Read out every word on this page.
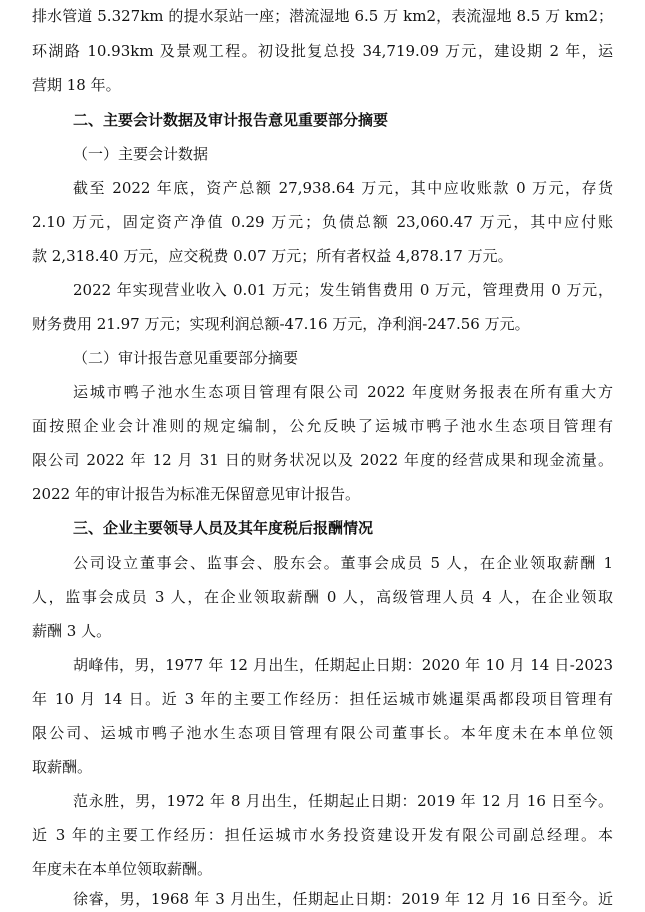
排水管道 5.327km 的提水泵站一座；潜流湿地 6.5 万 km2，表流湿地 8.5 万 km2；
环湖路 10.93km 及景观工程。初设批复总投 34,719.09 万元，建设期 2 年，运
营期 18 年。
二、主要会计数据及审计报告意见重要部分摘要
（一）主要会计数据
截至 2022 年底，资产总额 27,938.64 万元，其中应收账款 0 万元，存货
2.10 万元，固定资产净值 0.29 万元；负债总额 23,060.47 万元，其中应付账
款 2,318.40 万元，应交税费 0.07 万元；所有者权益 4,878.17 万元。
2022 年实现营业收入 0.01 万元；发生销售费用 0 万元，管理费用 0 万元，
财务费用 21.97 万元；实现利润总额-47.16 万元，净利润-247.56 万元。
（二）审计报告意见重要部分摘要
运城市鸭子池水生态项目管理有限公司 2022 年度财务报表在所有重大方
面按照企业会计准则的规定编制，公允反映了运城市鸭子池水生态项目管理有
限公司 2022 年 12 月 31 日的财务状况以及 2022 年度的经营成果和现金流量。
2022 年的审计报告为标准无保留意见审计报告。
三、企业主要领导人员及其年度税后报酬情况
公司设立董事会、监事会、股东会。董事会成员 5 人，在企业领取薪酬 1
人，监事会成员 3 人，在企业领取薪酬 0 人，高级管理人员 4 人，在企业领取
薪酬 3 人。
胡峰伟，男，1977 年 12 月出生，任期起止日期：2020 年 10 月 14 日-2023
年 10 月 14 日。近 3 年的主要工作经历：担任运城市姚暹渠禹都段项目管理有
限公司、运城市鸭子池水生态项目管理有限公司董事长。本年度未在本单位领
取薪酬。
范永胜，男，1972 年 8 月出生，任期起止日期：2019 年 12 月 16 日至今。
近 3 年的主要工作经历：担任运城市水务投资建设开发有限公司副总经理。本
年度未在本单位领取薪酬。
徐睿，男，1968 年 3 月出生，任期起止日期：2019 年 12 月 16 日至今。近
